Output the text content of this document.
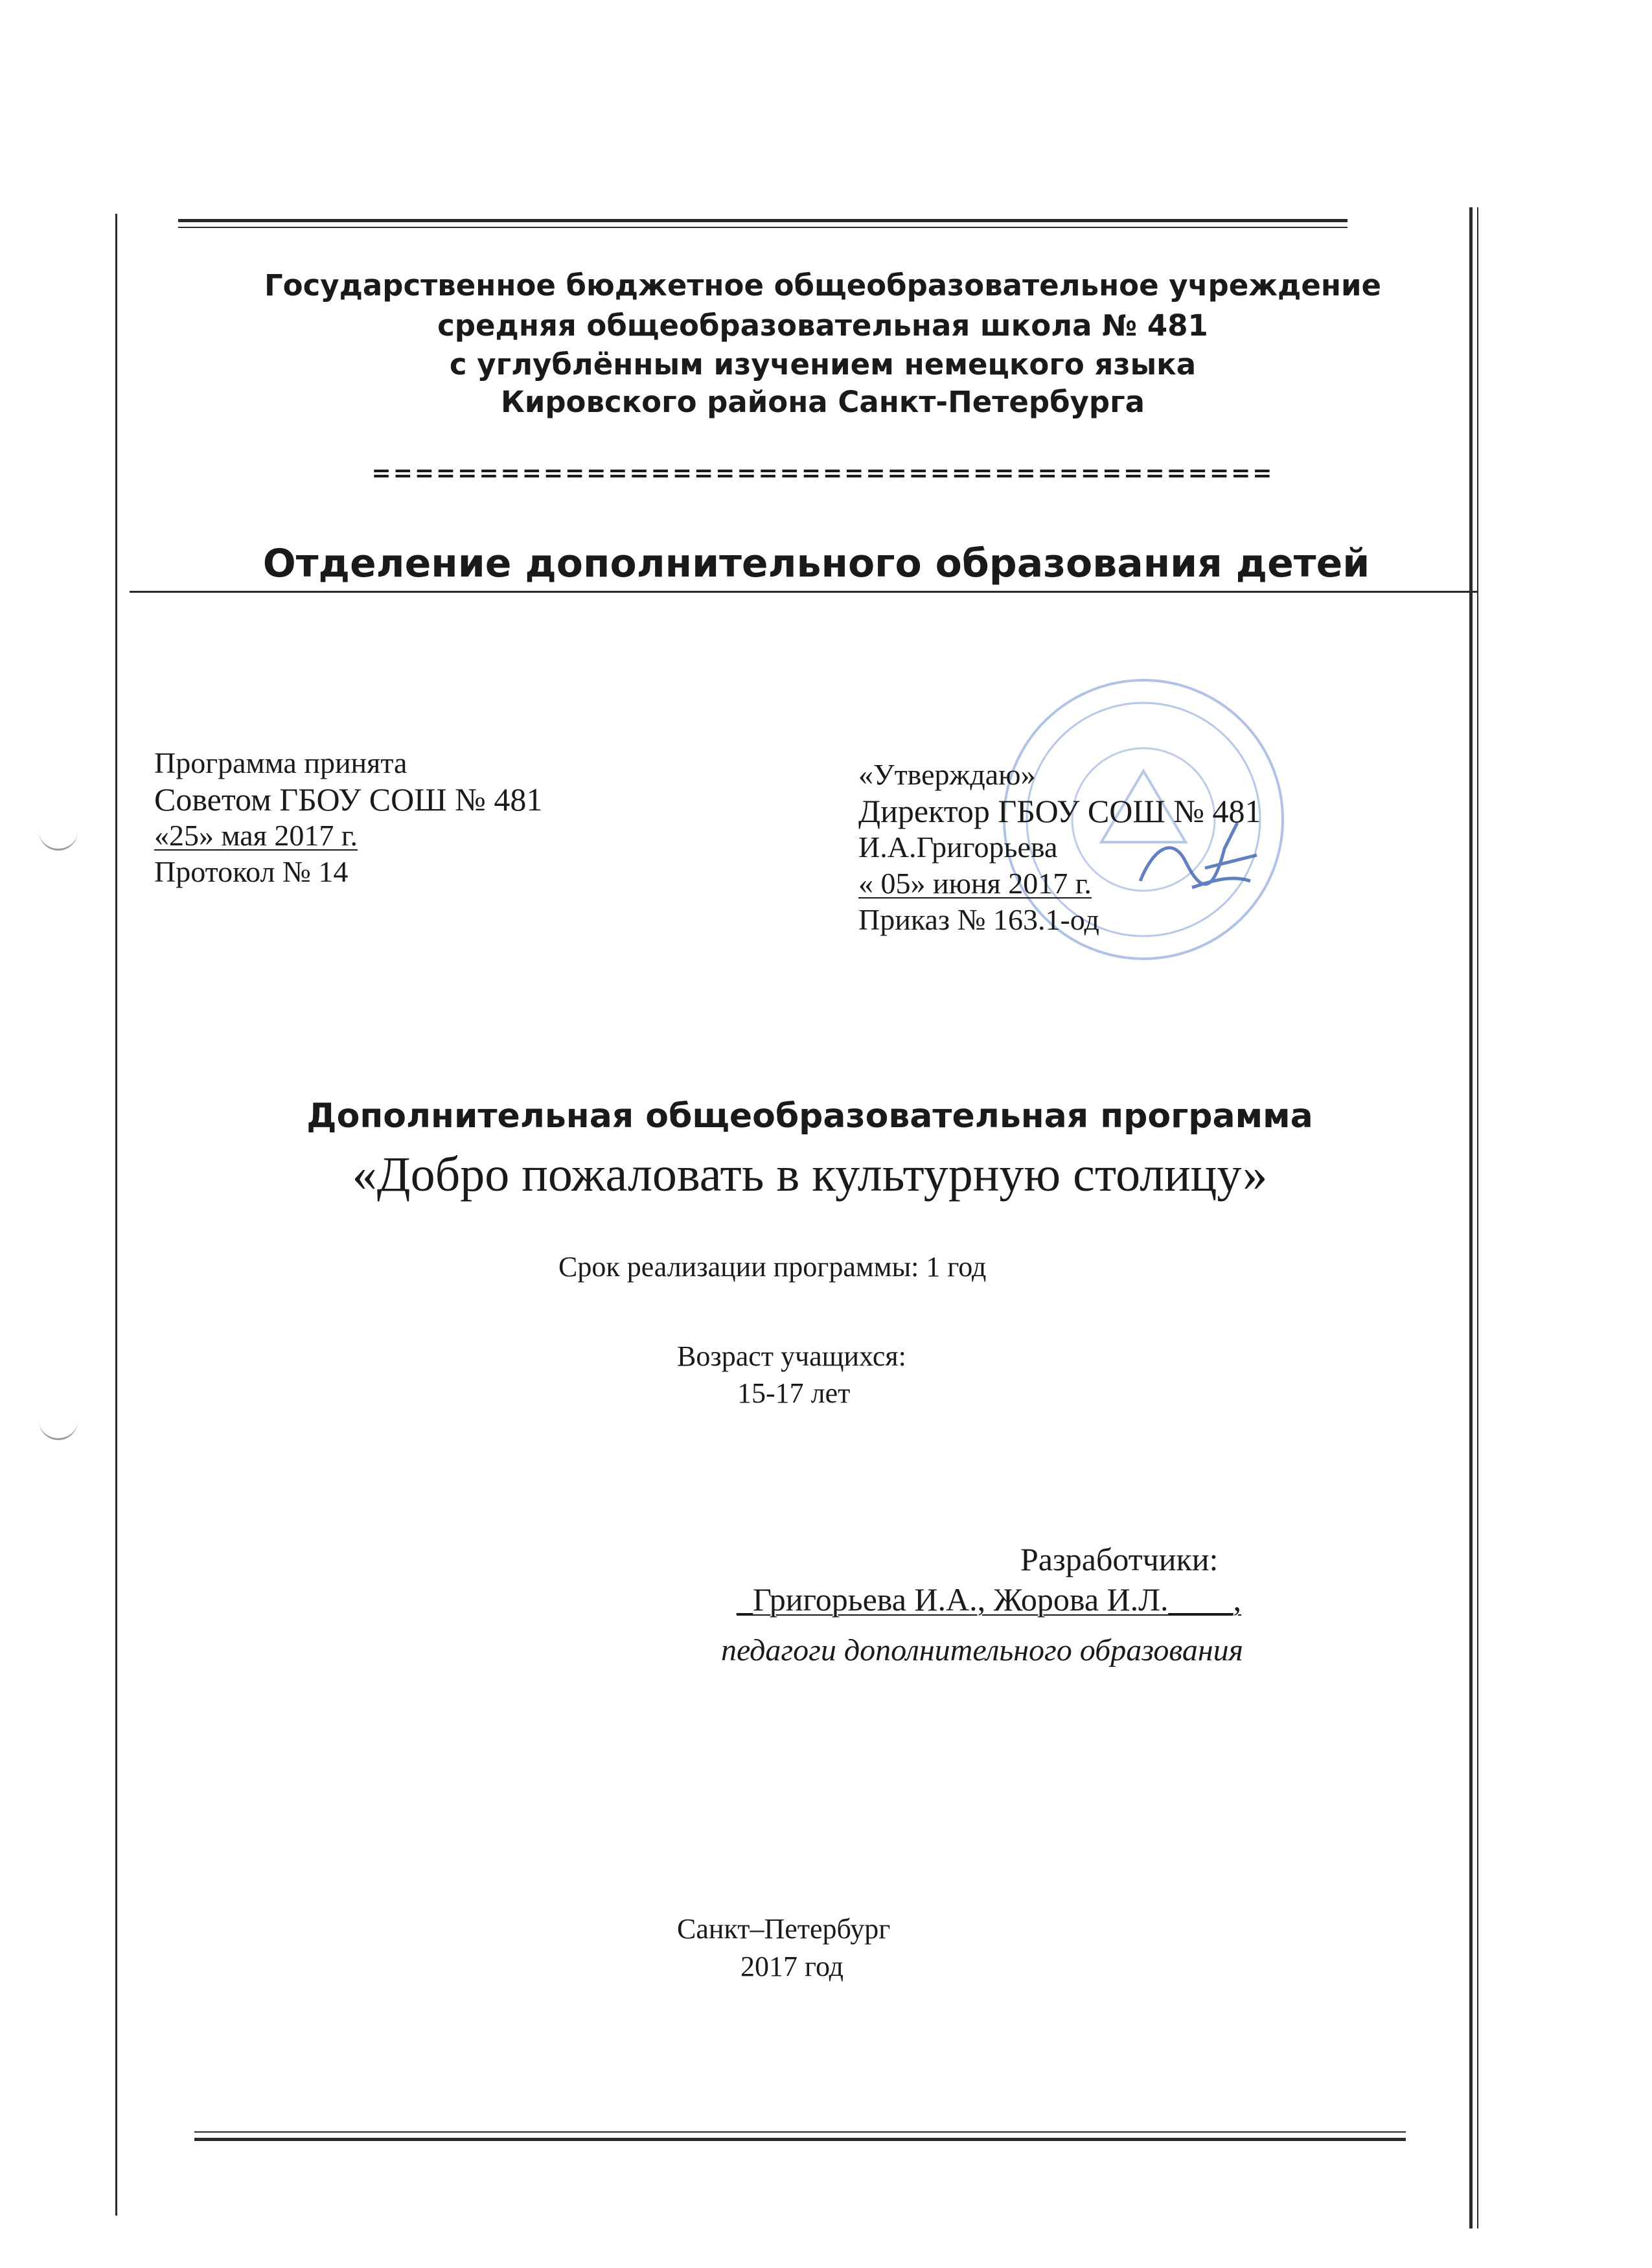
Государственное бюджетное общеобразовательное учреждение
средняя общеобразовательная школа № 481
с углублённым изучением немецкого языка
Кировского района Санкт-Петербурга
==========================================
Отделение дополнительного образования детей
Программа принята
Советом ГБОУ СОШ № 481
«25» мая 2017 г.
Протокол № 14
«Утверждаю»
Директор ГБОУ СОШ № 481
И.А.Григорьева
« 05» июня 2017 г.
Приказ № 163.1-од
Дополнительная общеобразовательная программа
«Добро пожаловать в культурную столицу»
Срок реализации программы: 1 год
Возраст учащихся:
15-17 лет
Разработчики:
_Григорьева И.А., Жорова И.Л.____,
педагоги дополнительного образования
Санкт–Петербург
2017 год
